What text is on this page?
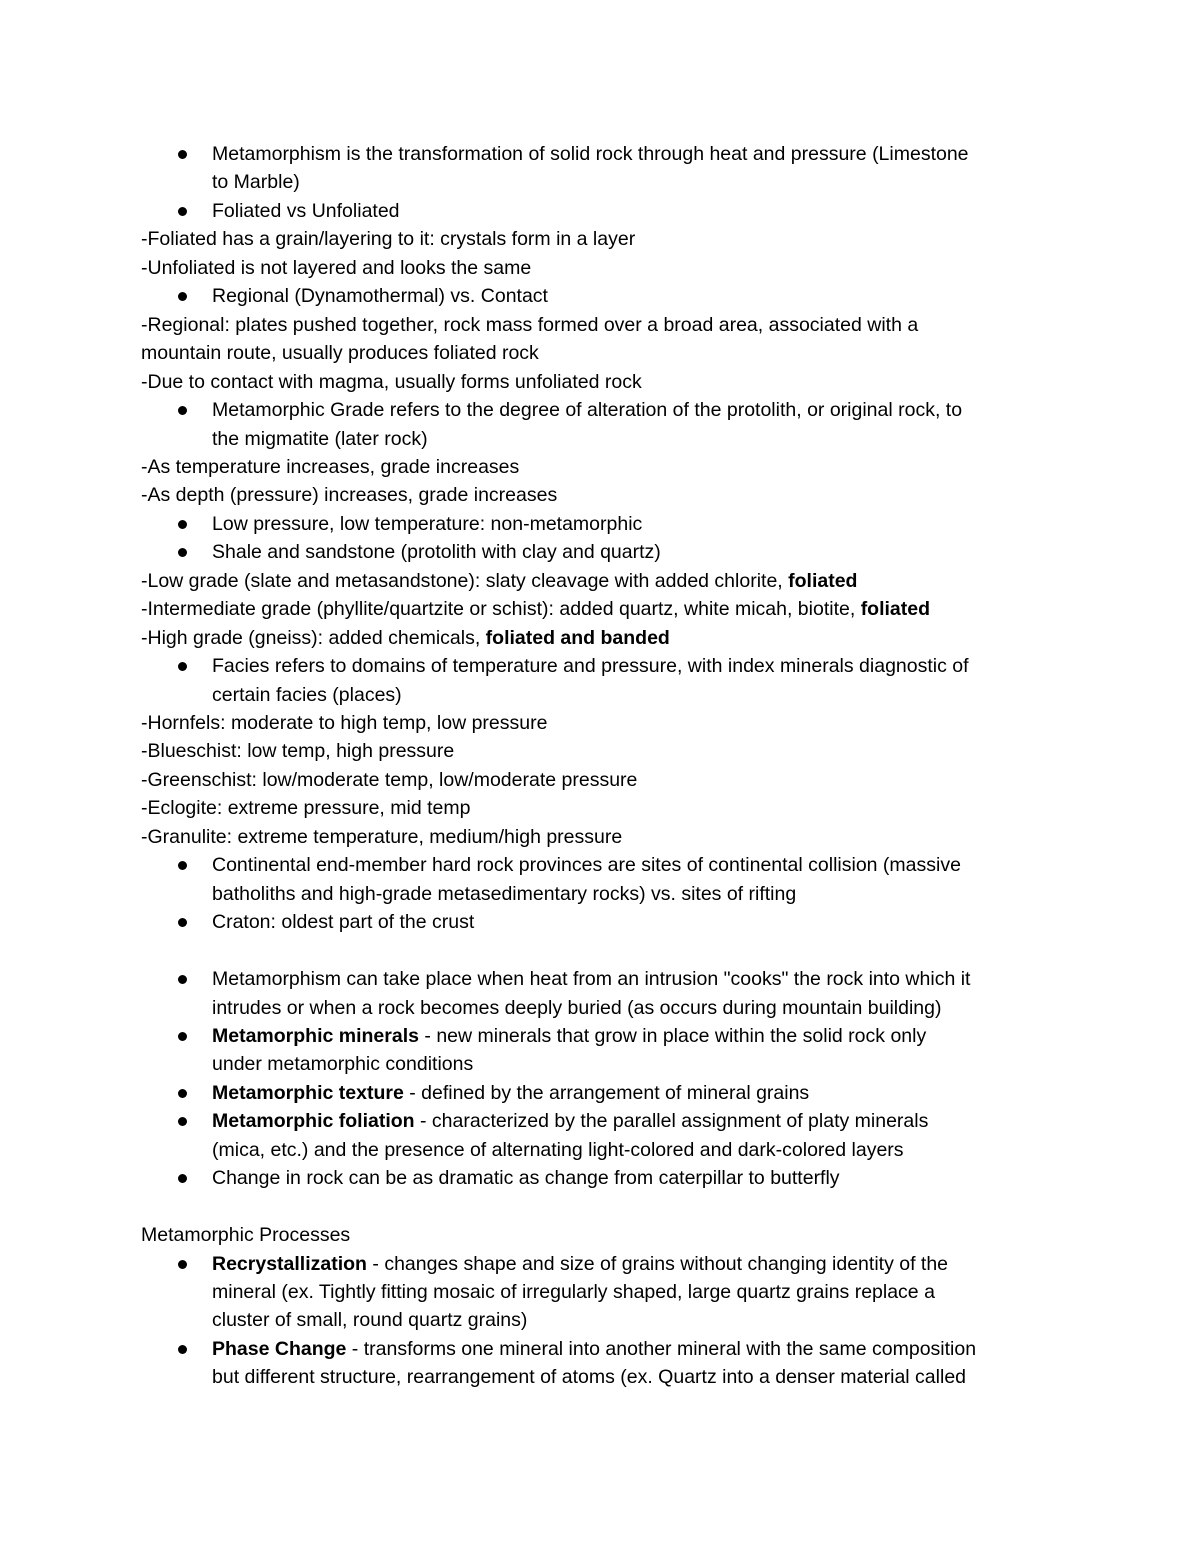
Metamorphism is the transformation of solid rock through heat and pressure (Limestone
to Marble)
Foliated vs Unfoliated
-Foliated has a grain/layering to it: crystals form in a layer
-Unfoliated is not layered and looks the same
Regional (Dynamothermal) vs. Contact
-Regional: plates pushed together, rock mass formed over a broad area, associated with a
mountain route, usually produces foliated rock
-Due to contact with magma, usually forms unfoliated rock
Metamorphic Grade refers to the degree of alteration of the protolith, or original rock, to
the migmatite (later rock)
-As temperature increases, grade increases
-As depth (pressure) increases, grade increases
Low pressure, low temperature: non-metamorphic
Shale and sandstone (protolith with clay and quartz)
-Low grade (slate and metasandstone): slaty cleavage with added chlorite, foliated
-Intermediate grade (phyllite/quartzite or schist): added quartz, white micah, biotite, foliated
-High grade (gneiss): added chemicals, foliated and banded
Facies refers to domains of temperature and pressure, with index minerals diagnostic of
certain facies (places)
-Hornfels: moderate to high temp, low pressure
-Blueschist: low temp, high pressure
-Greenschist: low/moderate temp, low/moderate pressure
-Eclogite: extreme pressure, mid temp
-Granulite: extreme temperature, medium/high pressure
Continental end-member hard rock provinces are sites of continental collision (massive
batholiths and high-grade metasedimentary rocks) vs. sites of rifting
Craton: oldest part of the crust
Metamorphism can take place when heat from an intrusion "cooks" the rock into which it
intrudes or when a rock becomes deeply buried (as occurs during mountain building)
Metamorphic minerals - new minerals that grow in place within the solid rock only
under metamorphic conditions
Metamorphic texture - defined by the arrangement of mineral grains
Metamorphic foliation - characterized by the parallel assignment of platy minerals
(mica, etc.) and the presence of alternating light-colored and dark-colored layers
Change in rock can be as dramatic as change from caterpillar to butterfly
Metamorphic Processes
Recrystallization - changes shape and size of grains without changing identity of the
mineral (ex. Tightly fitting mosaic of irregularly shaped, large quartz grains replace a
cluster of small, round quartz grains)
Phase Change - transforms one mineral into another mineral with the same composition
but different structure, rearrangement of atoms (ex. Quartz into a denser material called
